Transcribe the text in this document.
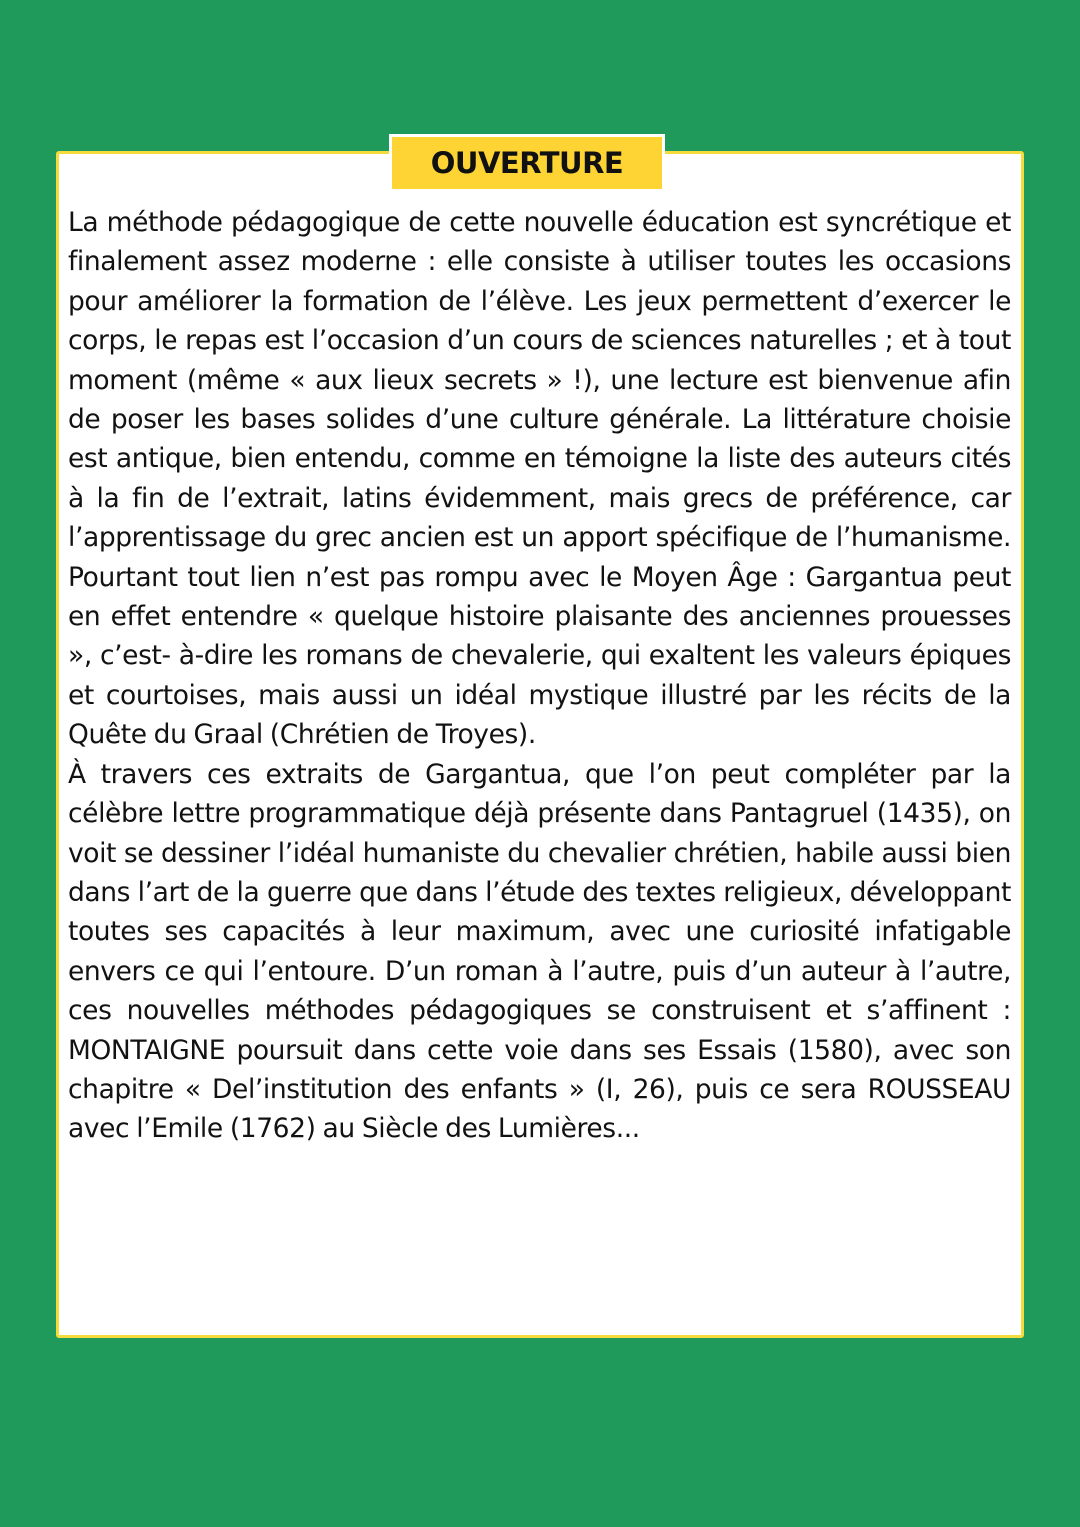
OUVERTURE

La méthode pédagogique de cette nouvelle éducation est syncrétique et finalement assez moderne : elle consiste à utiliser toutes les occasions pour améliorer la formation de l’élève. Les jeux permettent d’exercer le corps, le repas est l’occasion d’un cours de sciences naturelles ; et à tout moment (même « aux lieux secrets » !), une lecture est bienvenue afin de poser les bases solides d’une culture générale. La littérature choisie est antique, bien entendu, comme en témoigne la liste des auteurs cités à la fin de l’extrait, latins évidemment, mais grecs de préférence, car l’apprentissage du grec ancien est un apport spécifique de l’humanisme. Pourtant tout lien n’est pas rompu avec le Moyen Âge : Gargantua peut en effet entendre « quelque histoire plaisante des anciennes prouesses », c’est- à-dire les romans de chevalerie, qui exaltent les valeurs épiques et courtoises, mais aussi un idéal mystique illustré par les récits de la Quête du Graal (Chrétien de Troyes).

À travers ces extraits de Gargantua, que l’on peut compléter par la célèbre lettre programmatique déjà présente dans Pantagruel (1435), on voit se dessiner l’idéal humaniste du chevalier chrétien, habile aussi bien dans l’art de la guerre que dans l’étude des textes religieux, développant toutes ses capacités à leur maximum, avec une curiosité infatigable envers ce qui l’entoure. D’un roman à l’autre, puis d’un auteur à l’autre, ces nouvelles méthodes pédagogiques se construisent et s’affinent : MONTAIGNE poursuit dans cette voie dans ses Essais (1580), avec son chapitre « Del’institution des enfants » (I, 26), puis ce sera ROUSSEAU avec l’Emile (1762) au Siècle des Lumières...
